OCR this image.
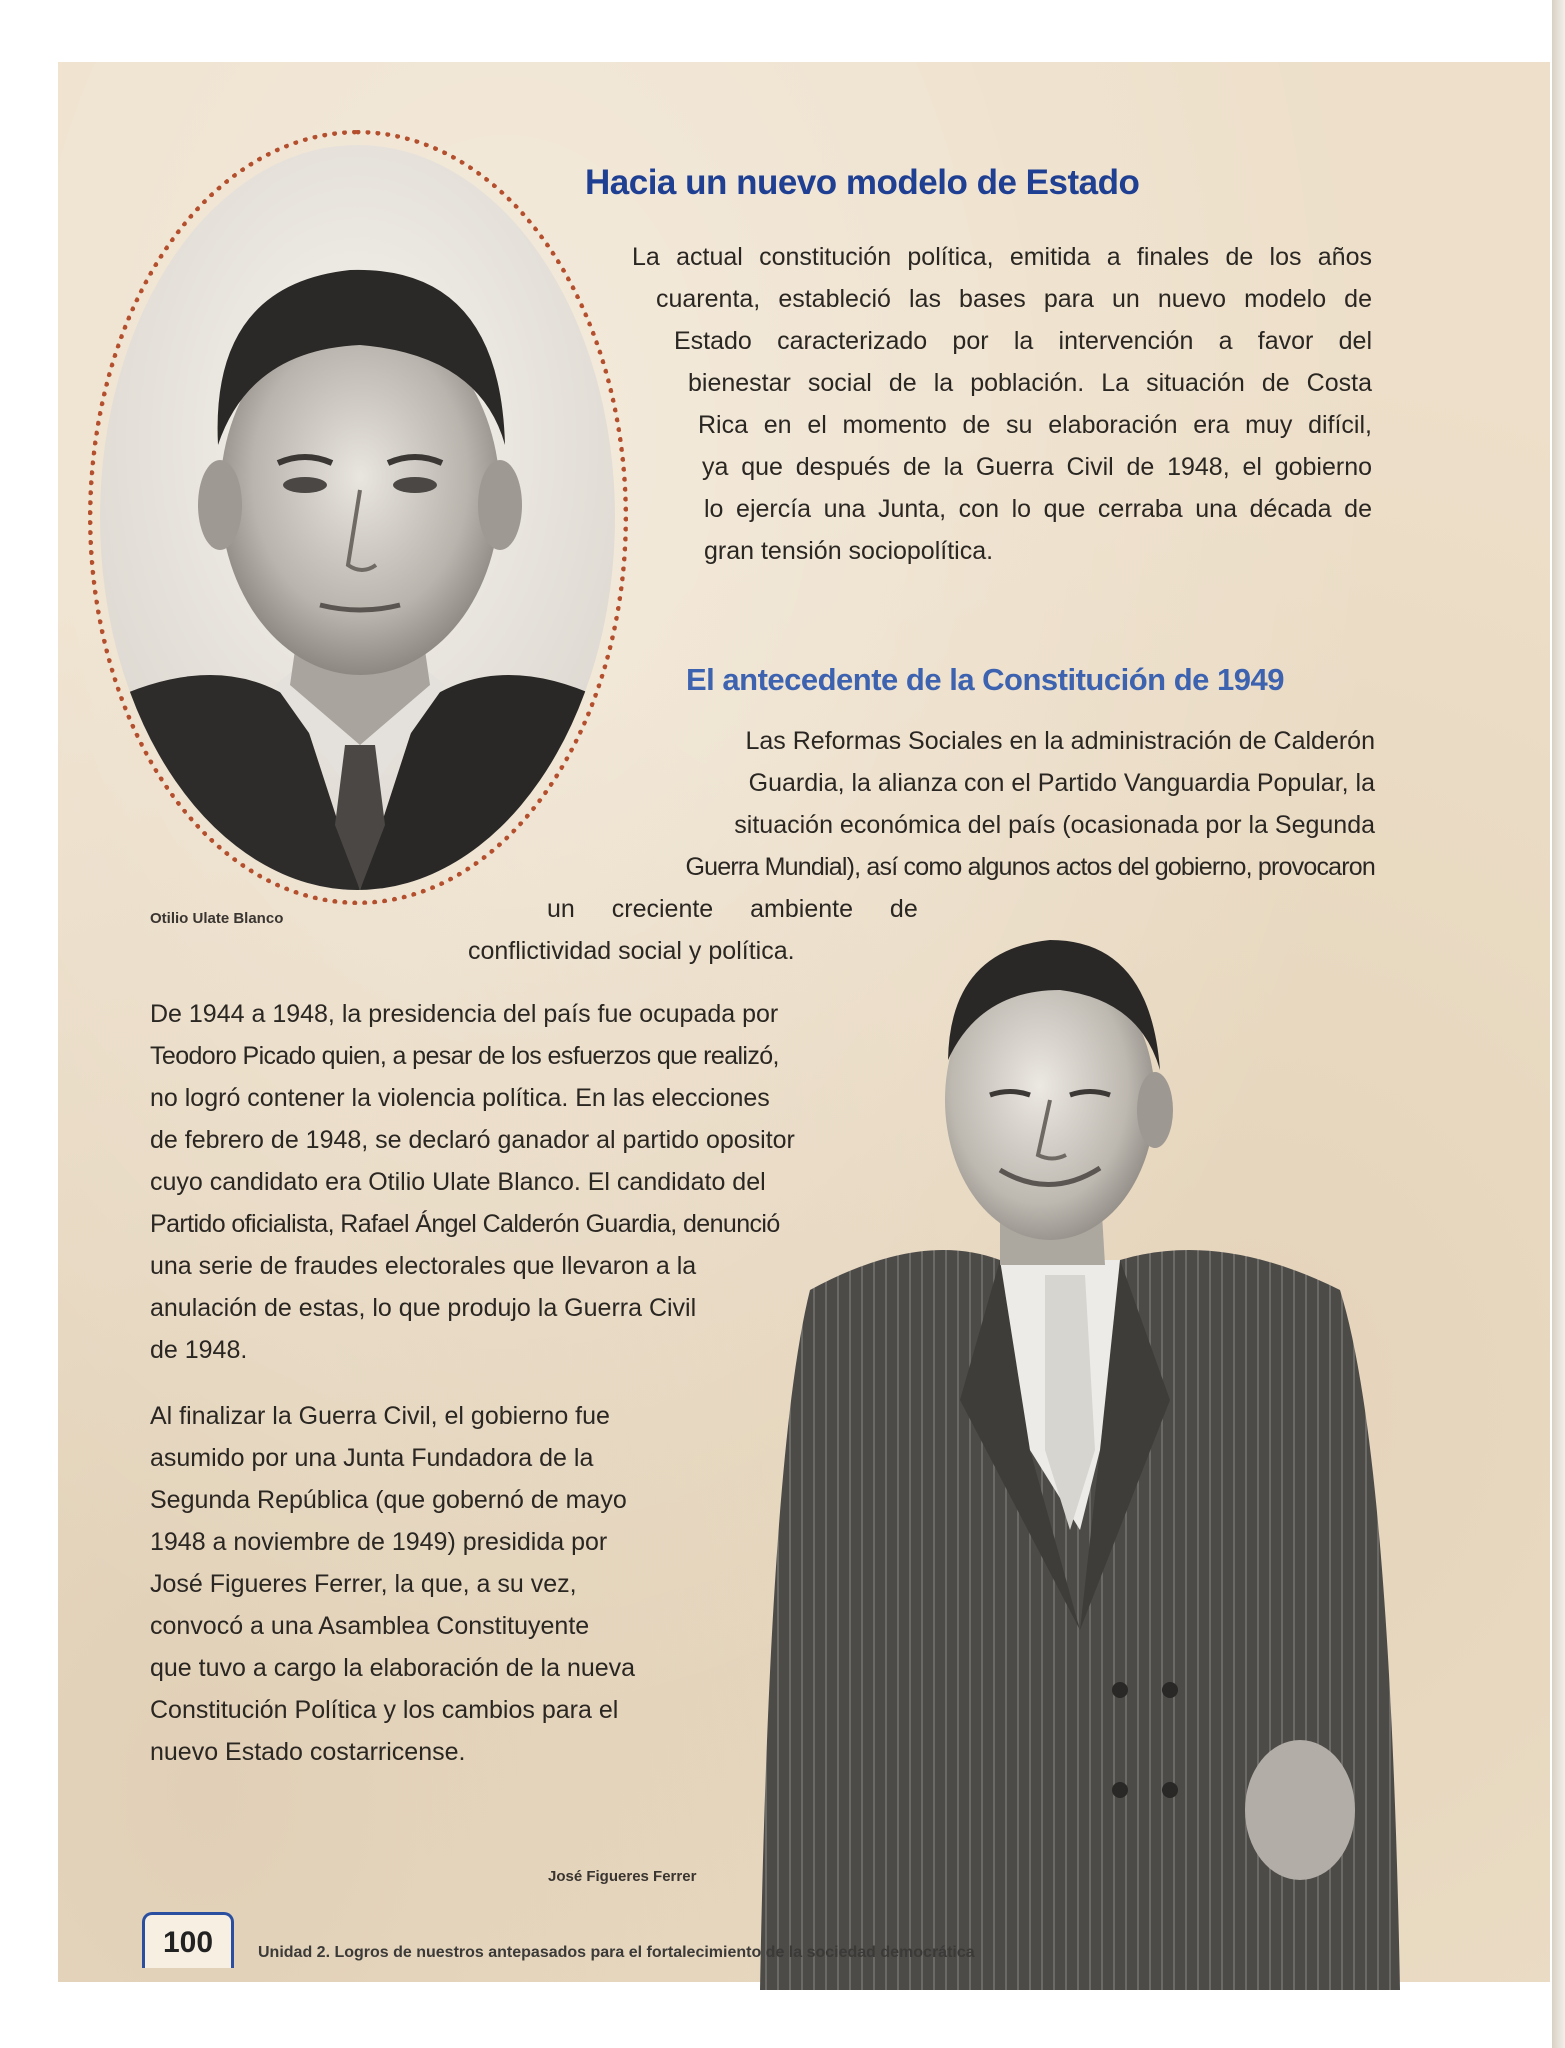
Otilio Ulate Blanco
José Figueres Ferrer
Hacia un nuevo modelo de Estado
La actual constitución política, emitida a finales de los años
cuarenta, estableció las bases para un nuevo modelo de
Estado caracterizado por la intervención a favor del
bienestar social de la población. La situación de Costa
Rica en el momento de su elaboración era muy difícil,
ya que después de la Guerra Civil de 1948, el gobierno
lo ejercía una Junta, con lo que cerraba una década de
gran tensión sociopolítica.
El antecedente de la Constitución de 1949
Las Reformas Sociales en la administración de Calderón
Guardia, la alianza con el Partido Vanguardia Popular, la
situación económica del país (ocasionada por la Segunda
Guerra Mundial), así como algunos actos del gobierno, provocaron
un creciente ambiente de
conflictividad social y política.
De 1944 a 1948, la presidencia del país fue ocupada por
Teodoro Picado quien, a pesar de los esfuerzos que realizó,
no logró contener la violencia política. En las elecciones
de febrero de 1948, se declaró ganador al partido opositor
cuyo candidato era Otilio Ulate Blanco. El candidato del
Partido oficialista, Rafael Ángel Calderón Guardia, denunció
una serie de fraudes electorales que llevaron a la
anulación de estas, lo que produjo la Guerra Civil
de 1948.
Al finalizar la Guerra Civil, el gobierno fue
asumido por una Junta Fundadora de la
Segunda República (que gobernó de mayo
1948 a noviembre de 1949) presidida por
José Figueres Ferrer, la que, a su vez,
convocó a una Asamblea Constituyente
que tuvo a cargo la elaboración de la nueva
Constitución Política y los cambios para el
nuevo Estado costarricense.
100	Unidad 2. Logros de nuestros antepasados para el fortalecimiento de la sociedad democrática
